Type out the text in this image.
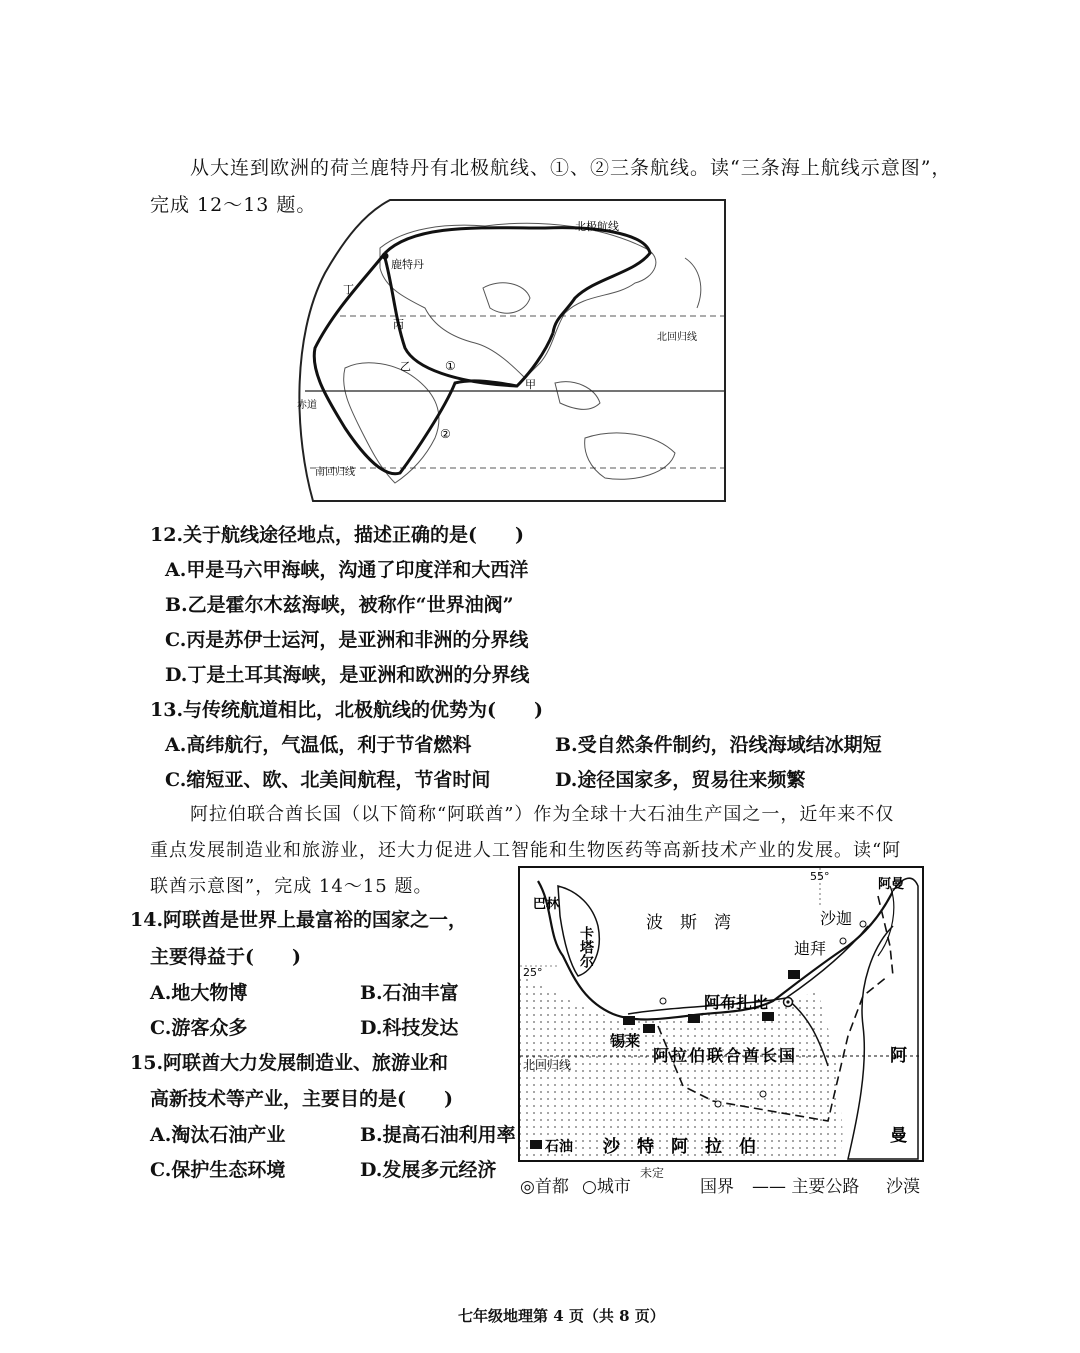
从大连到欧洲的荷兰鹿特丹有北极航线、①、②三条航线。读“三条海上航线示意图”，
完成 12～13 题。
北极航线
鹿特丹
丁
丙
乙
甲
①
②
赤道
北回归线
南回归线
12.关于航线途径地点，描述正确的是(　　)
A.甲是马六甲海峡，沟通了印度洋和大西洋
B.乙是霍尔木兹海峡，被称作“世界油阀”
C.丙是苏伊士运河，是亚洲和非洲的分界线
D.丁是土耳其海峡，是亚洲和欧洲的分界线
13.与传统航道相比，北极航线的优势为(　　)
A.高纬航行，气温低，利于节省燃料	B.受自然条件制约，沿线海域结冰期短
C.缩短亚、欧、北美间航程，节省时间	D.途径国家多，贸易往来频繁
阿拉伯联合酋长国（以下简称“阿联酋”）作为全球十大石油生产国之一，近年来不仅
重点发展制造业和旅游业，还大力促进人工智能和生物医药等高新技术产业的发展。读“阿
联酋示意图”，完成 14～15 题。
14.阿联酋是世界上最富裕的国家之一，
主要得益于(　　)
A.地大物博	B.石油丰富
C.游客众多	D.科技发达
15.阿联酋大力发展制造业、旅游业和
高新技术等产业，主要目的是(　　)
A.淘汰石油产业	B.提高石油利用率
C.保护生态环境	D.发展多元经济
巴林
卡塔尔
波　斯　湾	沙迦
迪拜
阿布扎比
锡莱
阿拉伯联合酋长国	阿
曼
阿曼
沙　特　阿　拉　伯
北回归线
石油
25°
55°
◎首都 ○城市
未定
国界 —— 主要公路 沙漠
七年级地理第 4 页（共 8 页）
